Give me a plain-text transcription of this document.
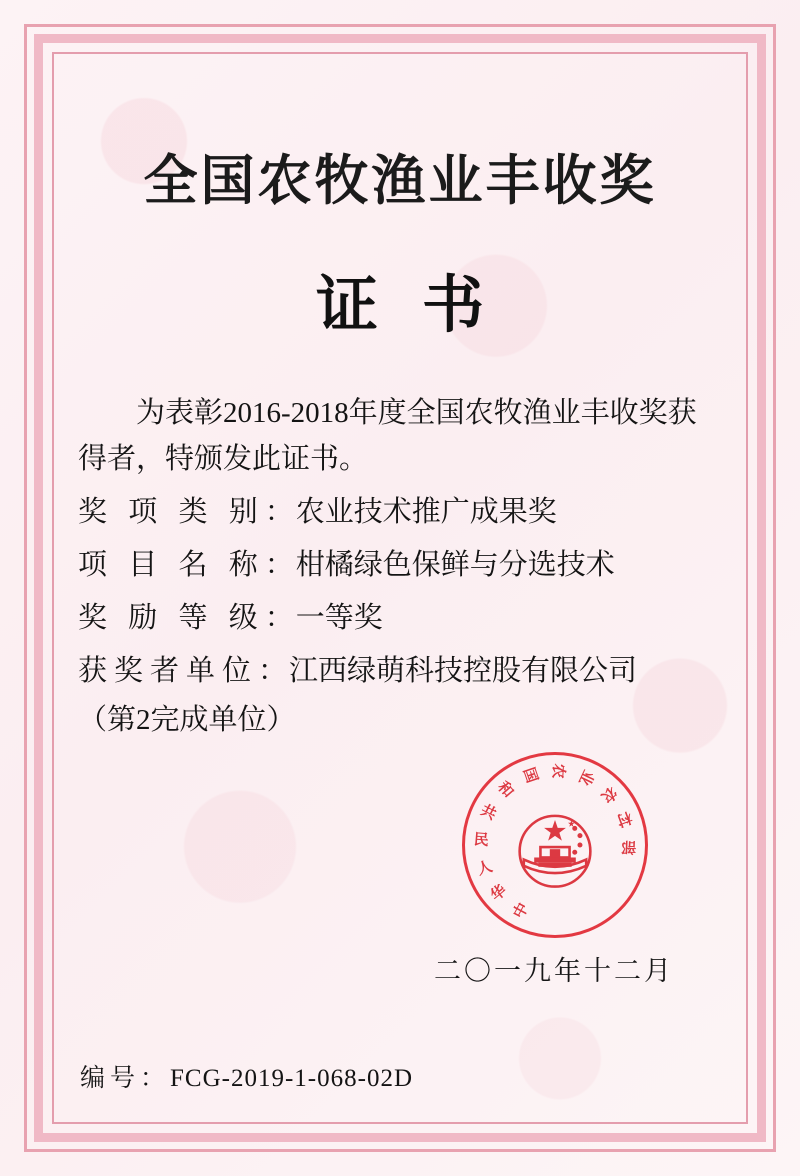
全国农牧渔业丰收奖
证书
为表彰2016-2018年度全国农牧渔业丰收奖获得者，特颁发此证书。
奖 项 类 别 ： 农业技术推广成果奖
项 目 名 称 ： 柑橘绿色保鲜与分选技术
奖 励 等 级 ： 一等奖
获奖者单位 ： 江西绿萌科技控股有限公司
（第2完成单位）
中
华
人
民
共
和
国 农 业
农
村
部
二〇一九年十二月
编号：FCG-2019-1-068-02D
